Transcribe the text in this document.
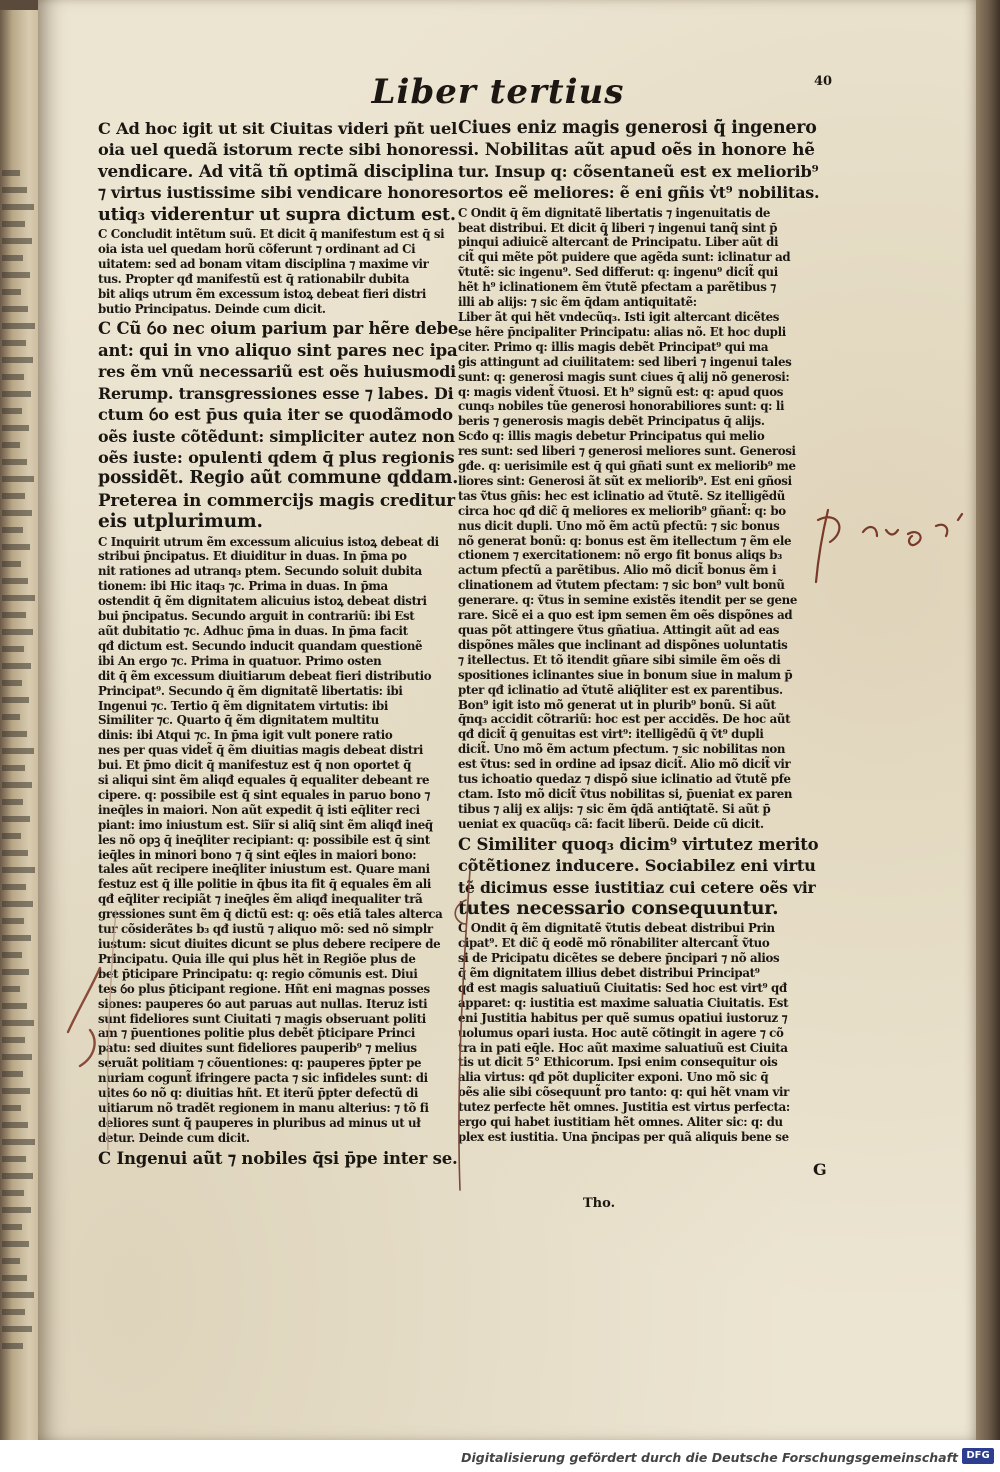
Liber tertius	40
C Ad hoc igit ut sit Ciuitas videri pñt uel
oia uel quedã istorum recte sibi honores
vendicare. Ad vitã tñ optimã disciplina
⁊ virtus iustissime sibi vendicare honores
utiq₃ viderentur ut supra dictum est.
C Concludit intẽtum suũ. Et dicit q̄ manifestum est q̄ si
oia ista uel quedam horũ cõferunt ⁊ ordinant ad Ci
uitatem: sed ad bonam vitam disciplina ⁊ maxime vir
tus. Propter qđ manifestũ est q̄ rationabilr dubita
bit aliqs utrum ẽm excessum istoꝝ debeat fieri distri
butio Principatus. Deinde cum dicit.
C Cũ ỽo nec oium parium par hẽre debe
ant: qui in vno aliquo sint pares nec ipa
res ẽm vnũ necessariũ est oẽs huiusmodi
Rerump. transgressiones esse ⁊ labes. Di
ctum ỽo est p̄us quia iter se quodãmodo
oẽs iuste cõtẽdunt: simpliciter autez non
oẽs iuste: opulenti qdem q̄ plus regionis
possidẽt. Regio aũt commune qddam.
Preterea in commercijs magis creditur
eis utplurimum.
C Inquirit utrum ẽm excessum alicuius istoꝝ debeat di
stribui p̄ncipatus. Et diuiditur in duas. In p̄ma po
nit rationes ad utranq₃ ptem. Secundo soluit dubita
tionem: ibi Hic itaq₃ ⁊c. Prima in duas. In p̄ma
ostendit q̄ ẽm dignitatem alicuius istoꝝ debeat distri
bui p̄ncipatus. Secundo arguit in contrariũ: ibi Est
aũt dubitatio ⁊c. Adhuc p̄ma in duas. In p̄ma facit
qđ dictum est. Secundo inducit quandam questionẽ
ibi An ergo ⁊c. Prima in quatuor. Primo osten
dit q̄ ẽm excessum diuitiarum debeat fieri distributio
Principat⁹. Secundo q̄ ẽm dignitatẽ libertatis: ibi
Ingenui ⁊c. Tertio q̄ ẽm dignitatem virtutis: ibi
Similiter ⁊c. Quarto q̄ ẽm dignitatem multitu
dinis: ibi Atqui ⁊c. In p̄ma igit vult ponere ratio
nes per quas videt̃ q̄ ẽm diuitias magis debeat distri
bui. Et p̄mo dicit q̄ manifestuz est q̄ non oportet q̄
si aliqui sint ẽm aliqđ equales q̄ equaliter debeant re
cipere. q: possibile est q̄ sint equales in paruo bono ⁊
ineq̄les in maiori. Non aũt expedit q̄ isti eq̄liter reci
piant: imo iniustum est. Siĩr si aliq̄ sint ẽm aliqđ ineq̄
les nõ opꝫ q̄ ineq̄liter recipiant: q: possibile est q̄ sint
ieq̄les in minori bono ⁊ q̄ sint eq̄les in maiori bono:
tales aũt recipere ineq̄liter iniustum est. Quare mani
festuz est q̄ ille politie in q̄bus ita fit q̄ equales ẽm ali
qđ eq̄liter recipiãt ⁊ ineq̄les ẽm aliqđ inequaliter trã
gressiones sunt ẽm q̄ dictũ est: q: oẽs etiã tales alterca
tur cõsiderãtes b₃ qđ iustũ ⁊ aliquo mõ: sed nõ simplr
iustum: sicut diuites dicunt se plus debere recipere de
Principatu. Quia ille qui plus hẽt in Regiõe plus de
bet p̄ticipare Principatu: q: regio cõmunis est. Diui
tes ỽo plus p̄ticipant regione. Hñt eni magnas posses
siones: pauperes ỽo aut paruas aut nullas. Iteruz isti
sunt fideliores sunt Ciuitati ⁊ magis obseruant politi
am ⁊ p̄uentiones politie plus debẽt p̄ticipare Princi
patu: sed diuites sunt fideliores pauperib⁹ ⁊ melius
seruãt politiam ⁊ cõuentiones: q: pauperes p̄pter pe
nuriam cogunt̃ ifringere pacta ⁊ sic infideles sunt: di
uites ỽo nõ q: diuitias hñt. Et iterũ p̄pter defectũ di
uitiarum nõ tradẽt regionem in manu alterius: ⁊ tõ fi
deliores sunt q̄̃ pauperes in pluribus ad minus ut uł
detur. Deinde cum dicit.
C Ingenui aũt ⁊ nobiles q̄si p̄pe inter se.
Ciues eniz magis generosi q̄̃ ingenero
si. Nobilitas aũt apud oẽs in honore hẽ
tur. Insup q: cõsentaneũ est ex meliorib⁹
ortos eẽ meliores: ẽ eni gñis v̓t⁹ nobilitas.
C Ondit q̄ ẽm dignitatẽ libertatis ⁊ ingenuitatis de
beat distribui. Et dicit q̄ liberi ⁊ ingenui tanq̃ sint p̄
pinqui adiuicẽ altercant̃ de Principatu. Liber aũt di
cit̃ qui mẽte põt puidere que agẽda sunt: iclinatur ad
ṽtutẽ: sic ingenu⁹. Sed differut: q: ingenu⁹ dicit̃ qui
hẽt h⁹ iclinationem ẽm ṽtutẽ pfectam a parẽtibus ⁊
illi ab alijs: ⁊ sic ẽm q̄dam antiquitatẽ:
Liber ãt qui hẽt vndecũq₃. Isti igit altercant dicẽtes
se hẽre p̄ncipaliter Principatu: alias nõ. Et hoc dupli
citer. Primo q: illis magis debẽt Principat⁹ qui ma
gis attingunt ad ciuilitatem: sed liberi ⁊ ingenui tales
sunt: q: generosi magis sunt ciues q̄ alij nõ generosi:
q: magis vident̃ ṽtuosi. Et h⁹ signũ est: q: apud quos
cunq₃ nobiles tũe generosi honorabiliores sunt: q: li
beris ⁊ generosis magis debẽt Principatus q̄ alijs.
Scđo q: illis magis debetur Principatus qui melio
res sunt: sed liberi ⁊ generosi meliores sunt. Generosi
gđe. q: uerisimile est q̄ qui gñati sunt ex meliorib⁹ me
liores sint: Generosi ãt sũt ex meliorib⁹. Est eni gñosi
tas ṽtus gñis: hec est iclinatio ad ṽtutẽ. Sz itelligẽdũ
circa hoc qđ dic̃ q̄ meliores ex meliorib⁹ gñant̃: q: bo
nus dicit dupli. Uno mõ ẽm actũ pfectũ: ⁊ sic bonus
nõ generat bonũ: q: bonus est ẽm itellectum ⁊ ẽm ele
ctionem ⁊ exercitationem: nõ ergo fit bonus aliqs b₃
actum pfectũ a parẽtibus. Alio mõ dicit̃ bonus ẽm i
clinationem ad ṽtutem pfectam: ⁊ sic bon⁹ vult bonũ
generare. q: ṽtus in semine existẽs itendit per se gene
rare. Sicẽ ei a quo est ipm semen ẽm oẽs dispõnes ad
quas põt attingere ṽtus gñatiua. Attingit aũt ad eas
dispõnes mãles que inclinant ad dispõnes uoluntatis
⁊ itellectus. Et tõ itendit gñare sibi simile ẽm oẽs di
spositiones iclinantes siue in bonum siue in malum p̄
pter qđ iclinatio ad ṽtutẽ aliq̄liter est ex parentibus.
Bon⁹ igit isto mõ generat ut in plurib⁹ bonũ. Si aũt
q̄nq₃ accidit cõtrariũ: hoc est per accidẽs. De hoc aũt
qđ dicit̃ q̄ genuitas est virt⁹: itelligẽdũ q̄ ṽt⁹ dupli
dicit̃. Uno mõ ẽm actum pfectum. ⁊ sic nobilitas non
est ṽtus: sed in ordine ad ipsaz dicit̃. Alio mõ dicit̃ vir
tus ichoatio quedaz ⁊ dispõ siue iclinatio ad ṽtutẽ pfe
ctam. Isto mõ dicit̃ ṽtus nobilitas si, p̄ueniat ex paren
tibus ⁊ alij ex alijs: ⁊ sic ẽm q̄dã antiq̄tatẽ. Si aũt p̄
ueniat ex quacũq₃ cã: facit liberũ. Deide cũ dicit.
C Similiter quoq₃ dicim⁹ virtutez merito
cõtẽtionez inducere. Sociabilez eni virtu
tẽ dicimus esse iustitiaz cui cetere oẽs vir
tutes necessario consequuntur.
C Ondit q̄ ẽm dignitatẽ ṽtutis debeat distribui Prin
cipat⁹. Et dic̃ q̄ eodẽ mõ rõnabiliter altercant̃ ṽtuo
si de Pricipatu dicẽtes se debere p̄ncipari ⁊ nõ alios
q̄ ẽm dignitatem illius debet distribui Principat⁹
qđ est magis saluatiuũ Ciuitatis: Sed hoc est virt⁹ qđ
apparet: q: iustitia est maxime saluatia Ciuitatis. Est
eni Justitia habitus per quẽ sumus opatiui iustoruz ⁊
uolumus opari iusta. Hoc autẽ cõtingit in agere ⁊ cõ
tra in pati eq̄le. Hoc aũt maxime saluatiuũ est Ciuita
tis ut dicit 5° Ethicorum. Ipsi enim consequitur ois
alia virtus: qđ põt dupliciter exponi. Uno mõ sic q̄
oẽs alie sibi cõsequunt̃ pro tanto: q: qui hẽt vnam vir
tutez perfecte hẽt omnes. Justitia est virtus perfecta:
ergo qui habet iustitiam hẽt omnes. Aliter sic: q: du
plex est iustitia. Una p̄ncipas per quã aliquis bene se
G
Tho.
P[ri]mo
Digitalisierung gefördert durch die Deutsche Forschungsgemeinschaft DFG
